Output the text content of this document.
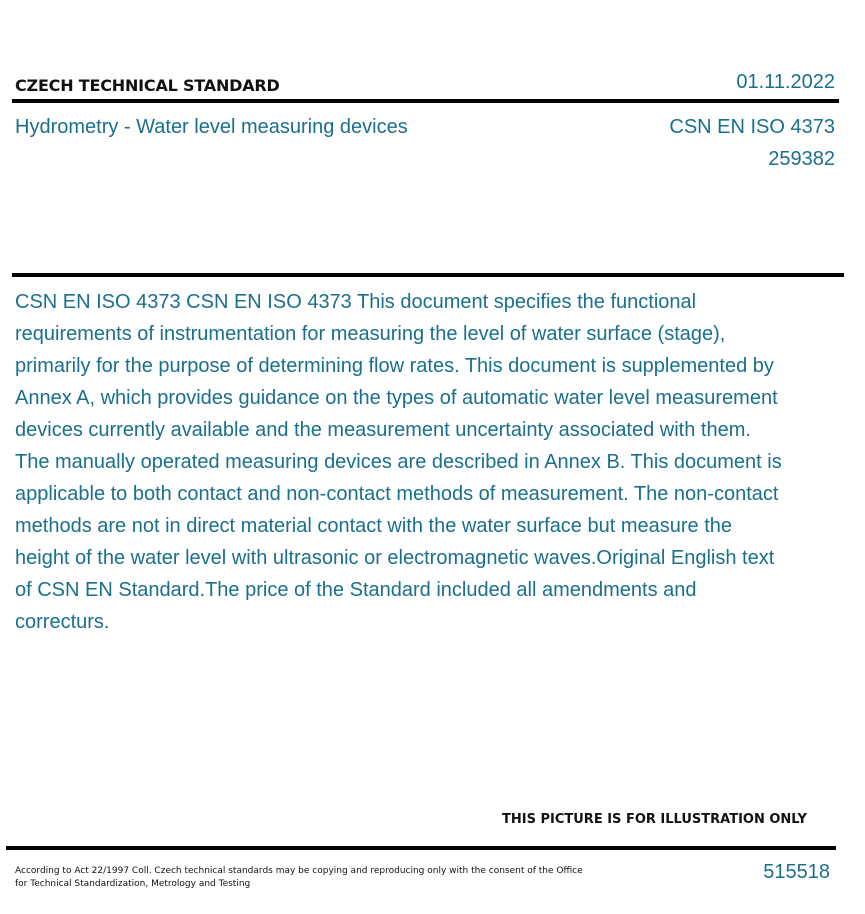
CZECH TECHNICAL STANDARD	01.11.2022
Hydrometry - Water level measuring devices	CSN EN ISO 4373
259382
CSN EN ISO 4373 CSN EN ISO 4373 This document specifies the functional requirements of instrumentation for measuring the level of water surface (stage), primarily for the purpose of determining flow rates. This document is supplemented by Annex A, which provides guidance on the types of automatic water level measurement devices currently available and the measurement uncertainty associated with them. The manually operated measuring devices are described in Annex B. This document is applicable to both contact and non-contact methods of measurement. The non-contact methods are not in direct material contact with the water surface but measure the height of the water level with ultrasonic or electromagnetic waves.Original English text of CSN EN Standard.The price of the Standard included all amendments and correcturs.
THIS PICTURE IS FOR ILLUSTRATION ONLY
According to Act 22/1997 Coll. Czech technical standards may be copying and reproducing only with the consent of the Office
for Technical Standardization, Metrology and Testing
515518
